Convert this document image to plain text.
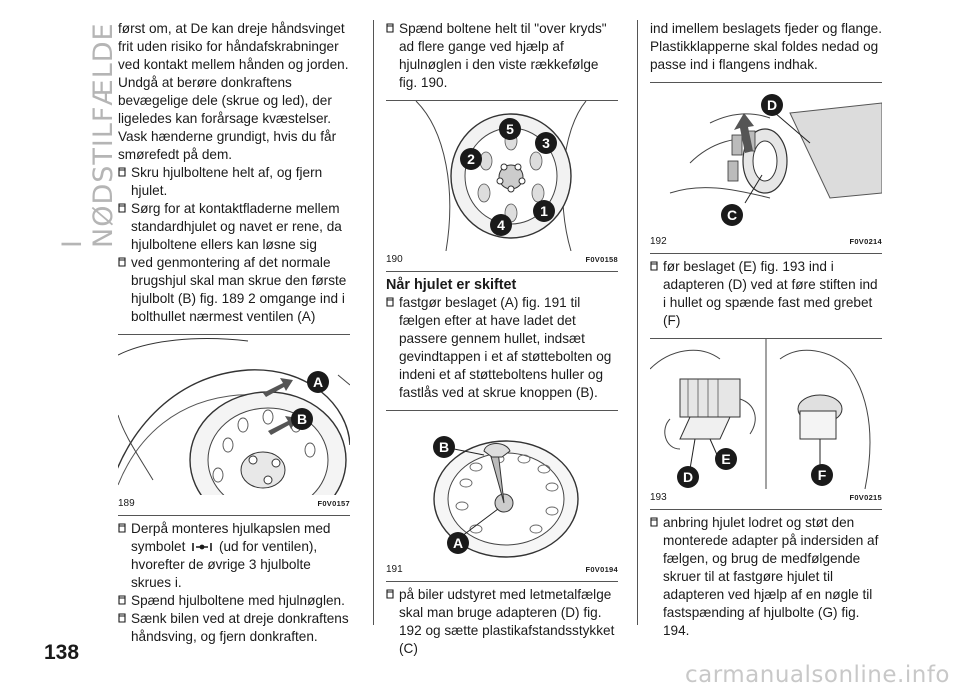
I NØDSTILFÆLDE først om, at De kan dreje håndsvinget frit uden risiko for håndafskrabninger ved kontakt mellem hånden og jorden. Undgå at berøre donkraftens bevægelige dele (skrue og led), der ligeledes kan forårsage kvæstelser. Vask hænderne grundigt, hvis du får smørefedt på dem.

Skru hjulboltene helt af, og fjern hjulet.

Sørg for at kontaktfladerne mellem standardhjulet og navet er rene, da hjulboltene ellers kan løsne sig

ved genmontering af det normale brugshjul skal man skrue den første hjulbolt (B) fig. 189 2 omgange ind i bolthullet nærmest ventilen (A)

A
B
189	F0V0157

Derpå monteres hjulkapslen med symbolet (ud for ventilen), hvorefter de øvrige 3 hjulbolte skrues i.

Spænd hjulboltene med hjulnøglen.

Sænk bilen ved at dreje donkraftens håndsving, og fjern donkraften.

Spænd boltene helt til "over kryds" ad flere gange ved hjælp af hjulnøglen i den viste rækkefølge fig. 190.

5
3
2
1
4
190	F0V0158
Når hjulet er skiftet

fastgør beslaget (A) fig. 191 til fælgen efter at have ladet det passere gennem hullet, indsæt gevindtappen i et af støttebolten og indeni et af støtteboltens huller og fastlås ved at skrue knoppen (B).

B
A
191	F0V0194

på biler udstyret med letmetalfælge skal man bruge adapteren (D) fig. 192 og sætte plastikafstandsstykket (C)

ind imellem beslagets fjeder og flange. Plastikklapperne skal foldes nedad og passe ind i flangens indhak.

D
C
192	F0V0214

før beslaget (E) fig. 193 ind i adapteren (D) ved at føre stiften ind i hullet og spænde fast med grebet (F)

E
D	F
193	F0V0215

anbring hjulet lodret og støt den monterede adapter på indersiden af fælgen, og brug de medfølgende skruer til at fastgøre hjulet til adapteren ved hjælp af en nøgle til fastspænding af hjulbolte (G) fig. 194.

138
carmanualsonline.info
